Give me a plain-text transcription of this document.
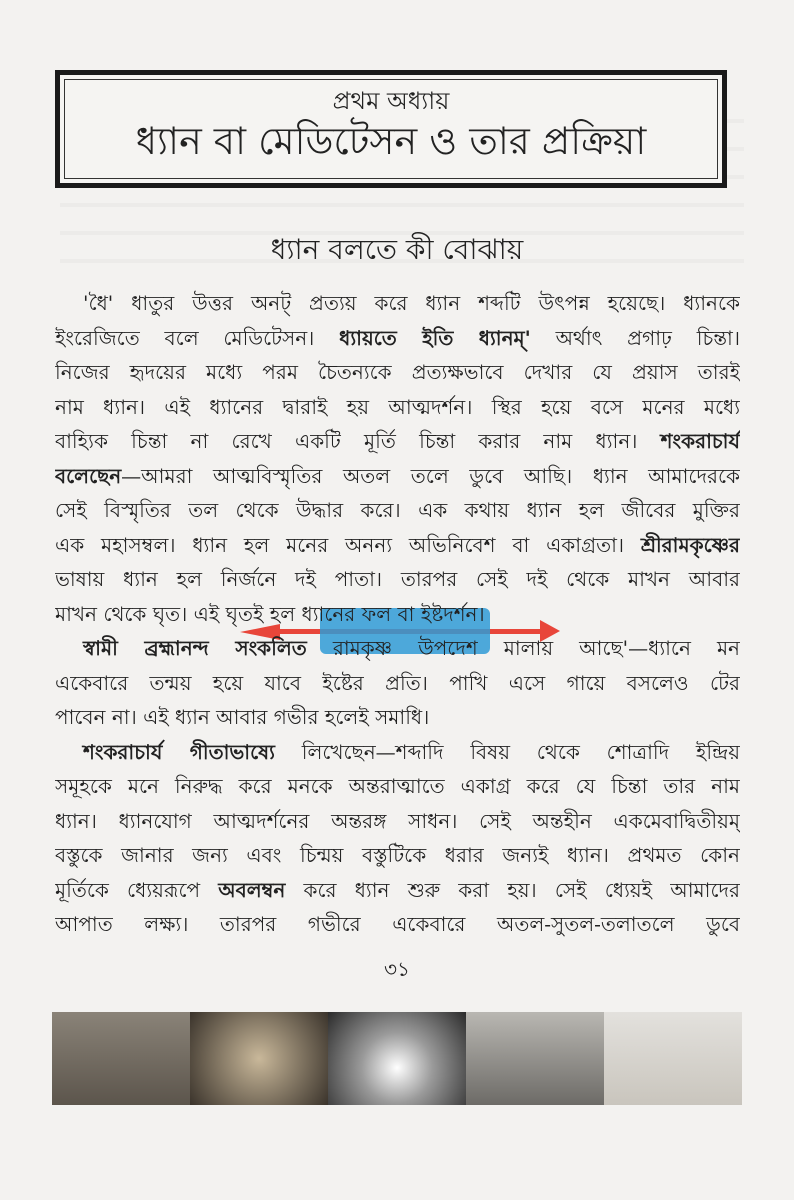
প্রথম অধ্যায়
ধ্যান বা মেডিটেসন ও তার প্রক্রিয়া
ধ্যান বলতে কী বোঝায়
'ধৈ' ধাতুর উত্তর অনট্ প্রত্যয় করে ধ্যান শব্দটি উৎপন্ন হয়েছে। ধ্যানকে
ইংরেজিতে বলে মেডিটেসন। ধ্যায়তে ইতি ধ্যানম্' অর্থাৎ প্রগাঢ় চিন্তা।
নিজের হৃদয়ের মধ্যে পরম চৈতন্যকে প্রত্যক্ষভাবে দেখার যে প্রয়াস তারই
নাম ধ্যান। এই ধ্যানের দ্বারাই হয় আত্মদর্শন। স্থির হয়ে বসে মনের মধ্যে
বাহ্যিক চিন্তা না রেখে একটি মূর্তি চিন্তা করার নাম ধ্যান। শংকরাচার্য
বলেছেন—আমরা আত্মবিস্মৃতির অতল তলে ডুবে আছি। ধ্যান আমাদেরকে
সেই বিস্মৃতির তল থেকে উদ্ধার করে। এক কথায় ধ্যান হল জীবের মুক্তির
এক মহাসম্বল। ধ্যান হল মনের অনন্য অভিনিবেশ বা একাগ্রতা। শ্রীরামকৃষ্ণের
ভাষায় ধ্যান হল নির্জনে দই পাতা। তারপর সেই দই থেকে মাখন আবার
মাখন থেকে ঘৃত। এই ঘৃতই হল ধ্যানের ফল বা ইষ্টদর্শন।
স্বামী ব্রহ্মানন্দ সংকলিত রামকৃষ্ণ উপদেশ মালায় আছে'—ধ্যানে মন
একেবারে তন্ময় হয়ে যাবে ইষ্টের প্রতি। পাখি এসে গায়ে বসলেও টের
পাবেন না। এই ধ্যান আবার গভীর হলেই সমাধি।
শংকরাচার্য গীতাভাষ্যে লিখেছেন—শব্দাদি বিষয় থেকে শোত্রাদি ইন্দ্রিয়
সমূহকে মনে নিরুদ্ধ করে মনকে অন্তরাত্মাতে একাগ্র করে যে চিন্তা তার নাম
ধ্যান। ধ্যানযোগ আত্মদর্শনের অন্তরঙ্গ সাধন। সেই অন্তহীন একমেবাদ্বিতীয়ম্
বস্তুকে জানার জন্য এবং চিন্ময় বস্তুটিকে ধরার জন্যই ধ্যান। প্রথমত কোন
মূর্তিকে ধ্যেয়রূপে অবলম্বন করে ধ্যান শুরু করা হয়। সেই ধ্যেয়ই আমাদের
আপাত লক্ষ্য। তারপর গভীরে একেবারে অতল-সুতল-তলাতলে ডুবে
৩১
